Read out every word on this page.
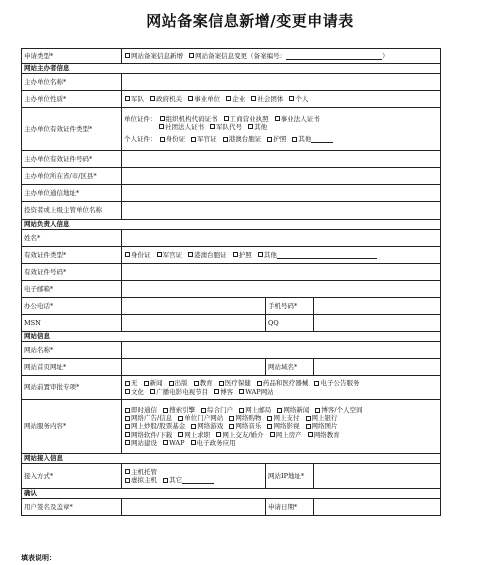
网站备案信息新增/变更申请表
申请类型*	网站备案信息新增 网站备案信息变更（备案编号： ）		
网站主办者信息			
主办单位名称*			
主办单位性质*	军队 政府机关 事业单位 企业 社会团体 个人		
主办单位有效证件类型*	单位证件： 组织机构代码证书 工商营业执照 事业法人证书
社团法人证书 军队代号 其他
个人证件： 身份证 军官证 港澳台胞证 护照 其他		

主办单位有效证件号码*			
主办单位所在省/市/区县*			
主办单位通信地址*			
投资者或上级主管单位名称			
网站负责人信息			
姓名*			
有效证件类型*	身份证 军官证 港澳台胞证 护照 其他		
有效证件号码*			
电子邮箱*			
办公电话*		手机号码*	
MSN		QQ	
网站信息			
网站名称*			
网站首页网址*		网站域名*	
网站前置审批专项*	无 新闻 出版 教育 医疗保健 药品和医疗器械 电子公告服务
文化 广播电影电视节目 博客 WAP网站		

网站服务内容*	即时通信 搜索引擎 综合门户 网上邮局 网络新闻 博客/个人空间
网络广告/信息 单位门户网站 网络购物 网上支付 网上银行
网上炒股/股票基金 网络游戏 网络音乐 网络影视 网络图片
网络软件/下载 网上求职 网上交友/婚介 网上房产 网络教育
网站建设 WAP 电子政务应用		

网站接入信息			
接入方式*	主机托管
虚拟主机 其它	网站IP地址*	
确认			
用户签名及盖章*		申请日期*	
填表说明：
